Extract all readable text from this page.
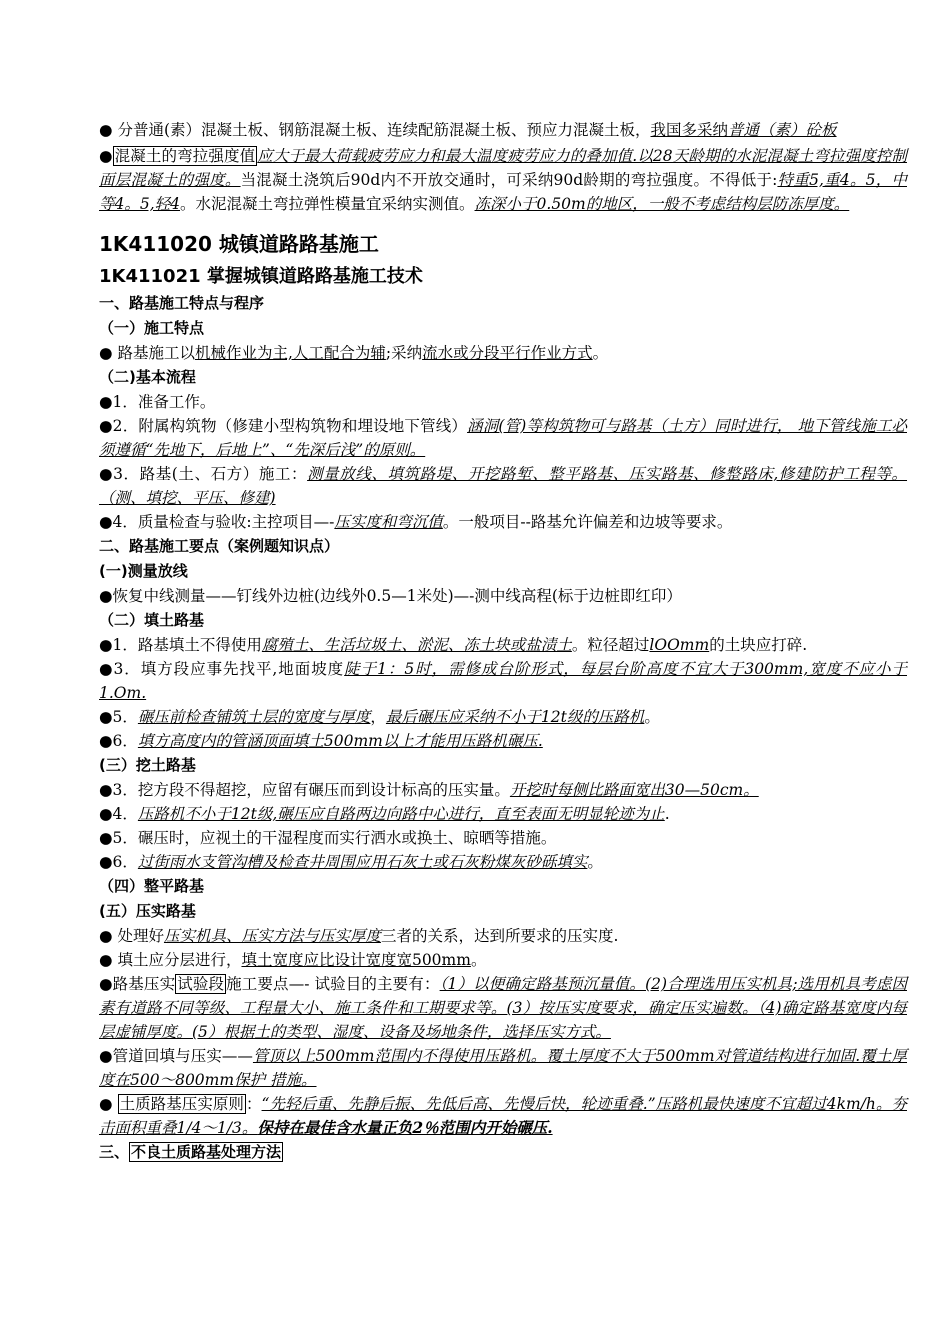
● 分普通(素）混凝土板、钢筋混凝土板、连续配筋混凝土板、预应力混凝土板，我国多采纳普通（素）砼板

● 混凝土的弯拉强度值 应大于最大荷载疲劳应力和最大温度疲劳应力的叠加值.以28天龄期的水泥混凝土弯拉强度控制面层混凝土的强度。当混凝土浇筑后90d内不开放交通时，可采纳90d龄期的弯拉强度。不得低于:特重5,重4。5，中等4。5,轻4。水泥混凝土弯拉弹性模量宜采纳实测值。冻深小于0.50m的地区，一般不考虑结构层防冻厚度。

1K411020 城镇道路路基施工
1K411021 掌握城镇道路路基施工技术
一、路基施工特点与程序
（一）施工特点

● 路基施工以机械作业为主,人工配合为辅;采纳流水或分段平行作业方式。

（二)基本流程

●1．准备工作。

●2．附属构筑物（修建小型构筑物和埋设地下管线）涵洞(管)等构筑物可与路基（土方）同时进行， 地下管线施工必须遵循“先地下，后地上”、“先深后浅”的原则。

●3．路基(土、石方）施工：测量放线、填筑路堤、开挖路堑、整平路基、压实路基、修整路床,修建防护工程等。（测、填挖、平压、修建)

●4．质量检查与验收:主控项目—-压实度和弯沉值。一般项目--路基允许偏差和边坡等要求。

二、路基施工要点（案例题知识点）
(一)测量放线

●恢复中线测量——钉线外边桩(边线外0.5—1米处)—-测中线高程(标于边桩即红印）

（二）填土路基

●1．路基填土不得使用腐殖土、生活垃圾土、淤泥、冻土块或盐渍土。粒径超过lOOmm的土块应打碎.

●3．填方段应事先找平,地面坡度陡于1：5时，需修成台阶形式，每层台阶高度不宜大于300mm,宽度不应小于1.Om.

●5．碾压前检查铺筑土层的宽度与厚度，最后碾压应采纳不小于12t级的压路机。

●6．填方高度内的管涵顶面填土500mm以上才能用压路机碾压.

(三）挖土路基

●3．挖方段不得超挖，应留有碾压而到设计标高的压实量。开挖时每侧比路面宽出30—50cm。

●4．压路机不小于12t级,碾压应自路两边向路中心进行，直至表面无明显轮迹为止.

●5．碾压时，应视土的干湿程度而实行洒水或换土、晾晒等措施。

●6．过街雨水支管沟槽及检查井周围应用石灰土或石灰粉煤灰砂砾填实。

（四）整平路基
(五）压实路基

● 处理好压实机具、压实方法与压实厚度三者的关系，达到所要求的压实度.

● 填土应分层进行，填土宽度应比设计宽度宽500mm。

●路基压实 试验段 施工要点—- 试验目的主要有：（1）以便确定路基预沉量值。(2)合理选用压实机具;选用机具考虑因素有道路不同等级、工程量大小、施工条件和工期要求等。(3）按压实度要求，确定压实遍数。（4)确定路基宽度内每层虚铺厚度。(5）根据土的类型、湿度、设备及场地条件，选择压实方式。

●管道回填与压实——管顶以上500mm范围内不得使用压路机。覆土厚度不大于500mm对管道结构进行加固.覆土厚度在500～800mm保护 措施。

● 土质路基压实原则 ：“先轻后重、先静后振、先低后高、先慢后快，轮迹重叠.”压路机最快速度不宜超过4km/h。夯击面积重叠1/4～1/3。保持在最佳含水量正负2％范围内开始碾压.

三、 不良土质路基处理方法
